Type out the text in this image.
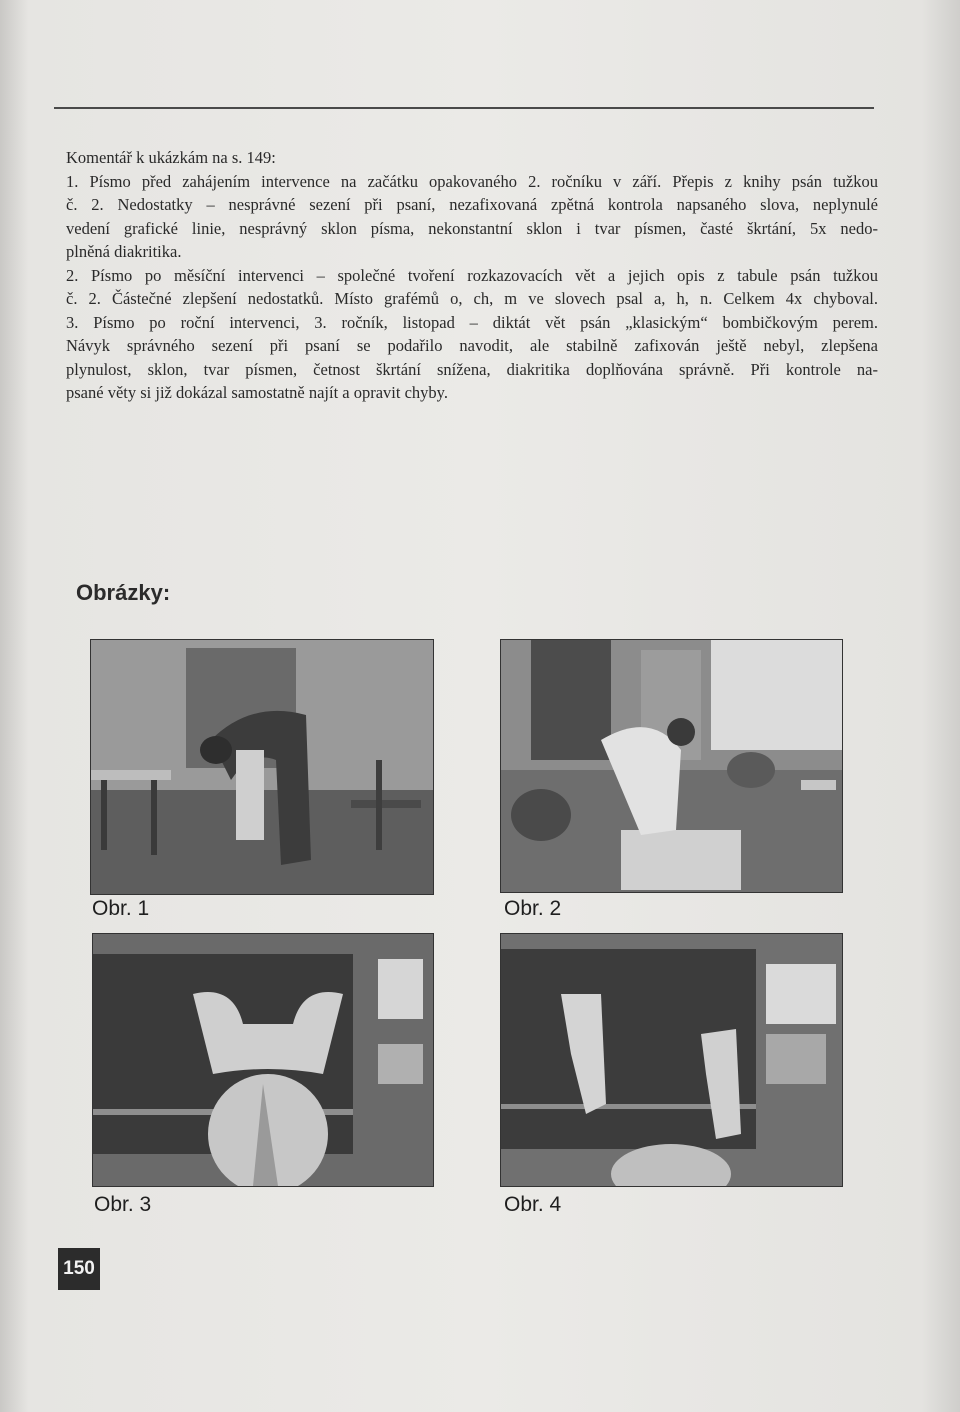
Komentář k ukázkám na s. 149:

1. Písmo před zahájením intervence na začátku opakovaného 2. ročníku v září. Přepis z knihy psán tužkou

č. 2. Nedostatky – nesprávné sezení při psaní, nezafixovaná zpětná kontrola napsaného slova, neplynulé

vedení grafické linie, nesprávný sklon písma, nekonstantní sklon i tvar písmen, časté škrtání, 5x nedo-

plněná diakritika.

2. Písmo po měsíční intervenci – společné tvoření rozkazovacích vět a jejich opis z tabule psán tužkou

č. 2. Částečné zlepšení nedostatků. Místo grafémů o, ch, m ve slovech psal a, h, n. Celkem 4x chyboval.

3. Písmo po roční intervenci, 3. ročník, listopad – diktát vět psán „klasickým“ bombičkovým perem.

Návyk správného sezení při psaní se podařilo navodit, ale stabilně zafixován ještě nebyl, zlepšena

plynulost, sklon, tvar písmen, četnost škrtání snížena, diakritika doplňována správně. Při kontrole na-

psané věty si již dokázal samostatně najít a opravit chyby.

Obrázky:
Obr. 1	Obr. 2
Obr. 3	Obr. 4
150
